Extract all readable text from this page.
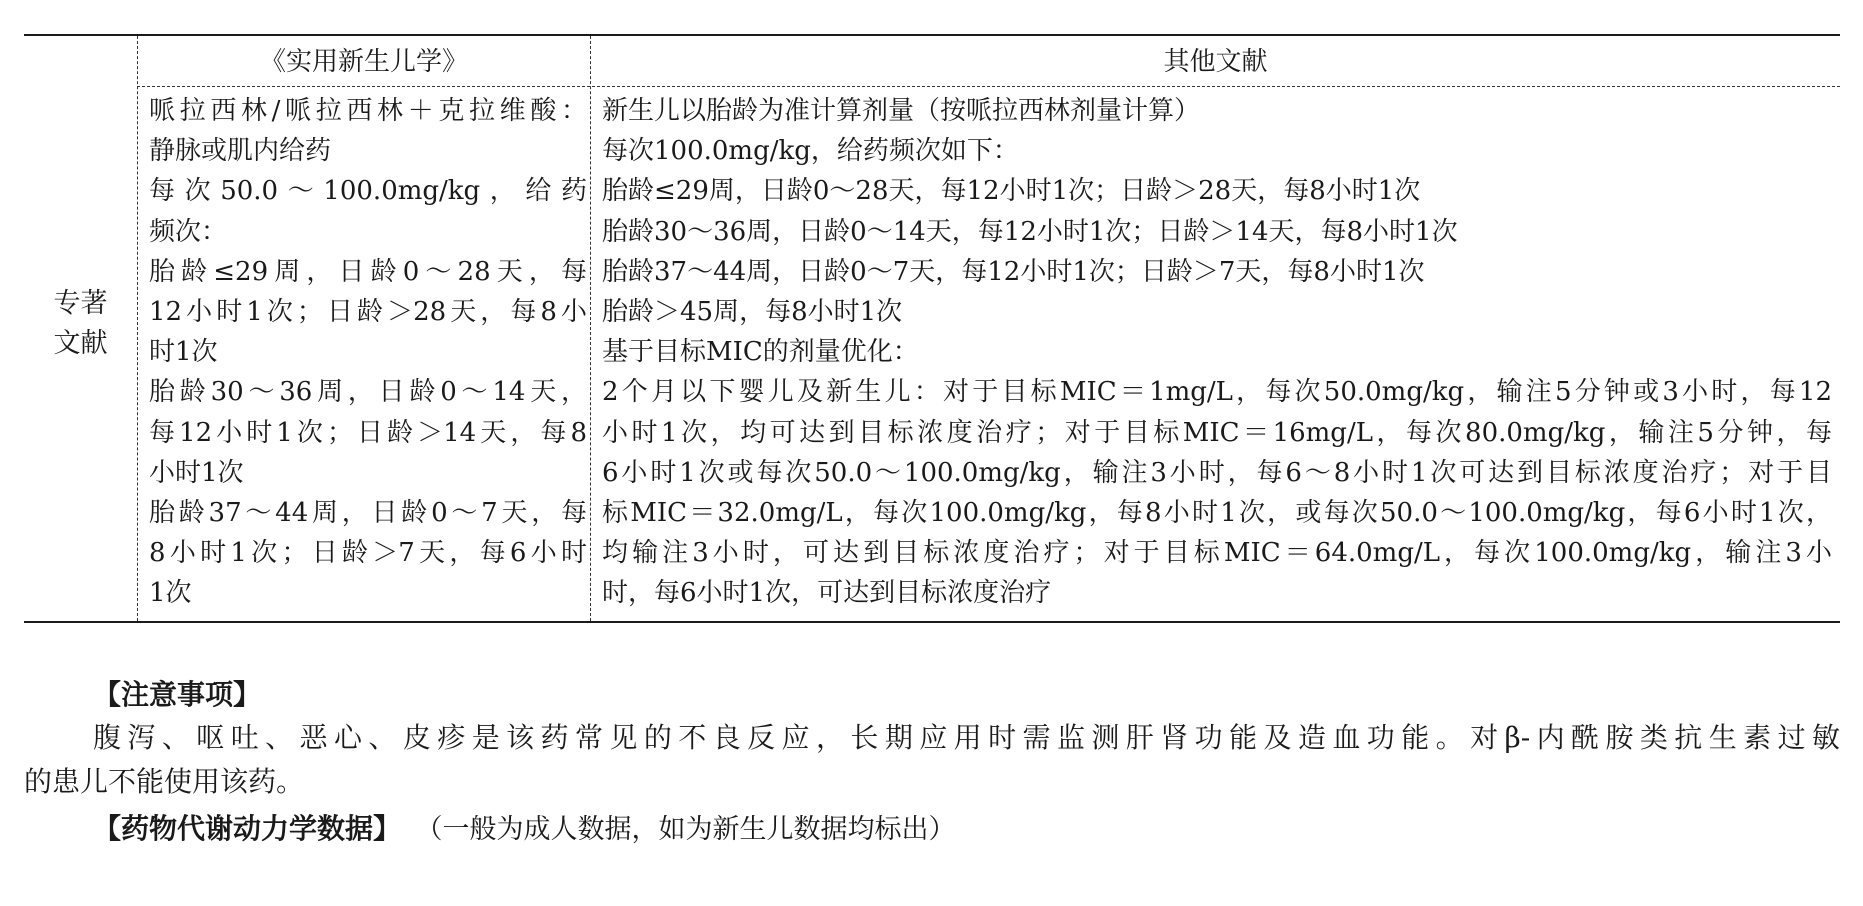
《实用新生儿学》	其他文献
专著
文献
哌拉西林/哌拉西林＋克拉维酸：
静脉或肌内给药
每次50.0～100.0mg/kg，给药
频次：
胎龄≤29周，日龄0～28天，每
12小时1次；日龄＞28天，每8小
时1次
胎龄30～36周，日龄0～14天，
每12小时1次；日龄＞14天，每8
小时1次
胎龄37～44周，日龄0～7天，每
8小时1次；日龄＞7天，每6小时
1次
新生儿以胎龄为准计算剂量（按哌拉西林剂量计算）
每次100.0mg/kg，给药频次如下：
胎龄≤29周，日龄0～28天，每12小时1次；日龄＞28天，每8小时1次
胎龄30～36周，日龄0～14天，每12小时1次；日龄＞14天，每8小时1次
胎龄37～44周，日龄0～7天，每12小时1次；日龄＞7天，每8小时1次
胎龄＞45周，每8小时1次
基于目标MIC的剂量优化：
2个月以下婴儿及新生儿：对于目标MIC＝1mg/L，每次50.0mg/kg，输注5分钟或3小时，每12
小时1次，均可达到目标浓度治疗；对于目标MIC＝16mg/L，每次80.0mg/kg，输注5分钟，每
6小时1次或每次50.0～100.0mg/kg，输注3小时，每6～8小时1次可达到目标浓度治疗；对于目
标MIC＝32.0mg/L，每次100.0mg/kg，每8小时1次，或每次50.0～100.0mg/kg，每6小时1次，
均输注3小时，可达到目标浓度治疗；对于目标MIC＝64.0mg/L，每次100.0mg/kg，输注3小
时，每6小时1次，可达到目标浓度治疗
【注意事项】
腹泻、呕吐、恶心、皮疹是该药常见的不良反应，长期应用时需监测肝肾功能及造血功能。对β-内酰胺类抗生素过敏
的患儿不能使用该药。
【药物代谢动力学数据】 （一般为成人数据，如为新生儿数据均标出）
